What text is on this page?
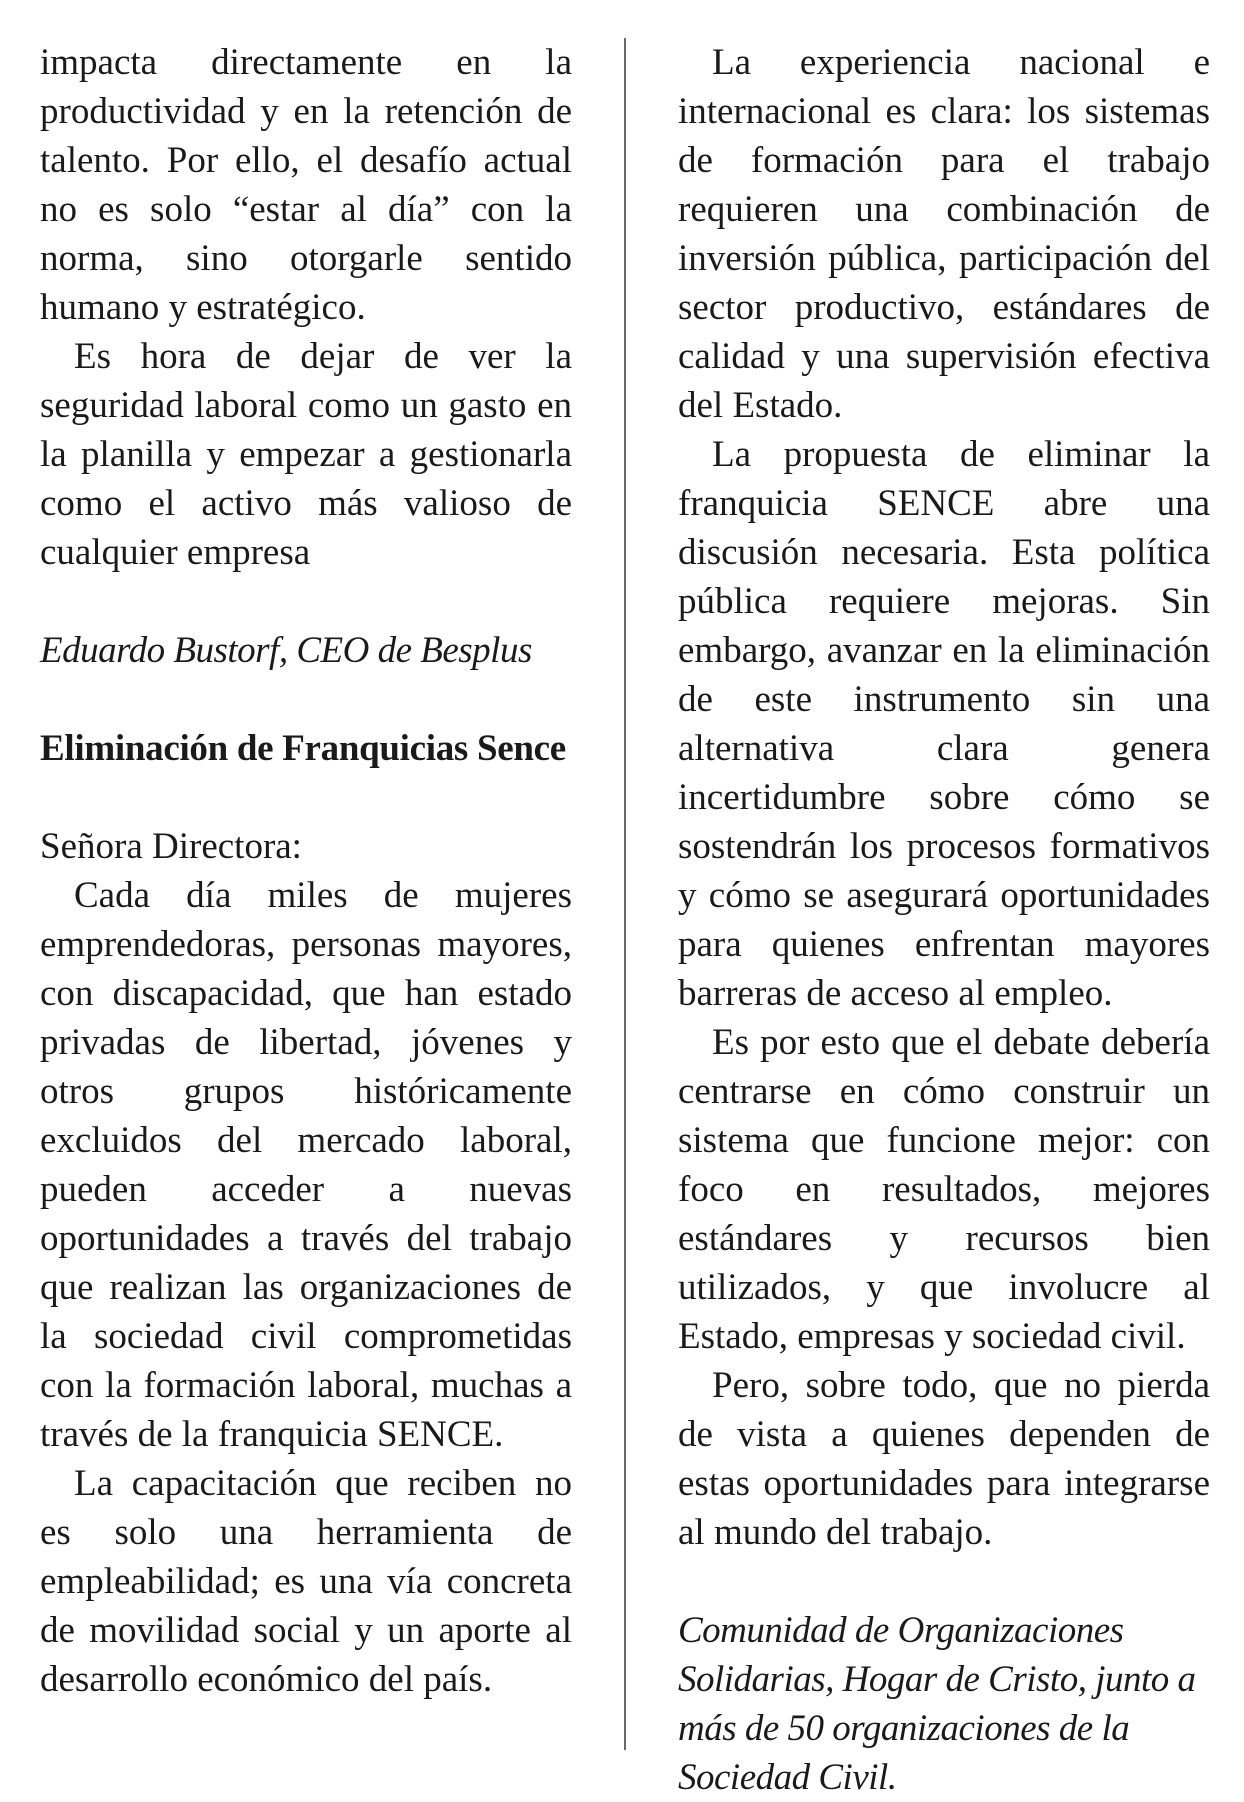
impacta directamente en la productividad y en la retención de talento. Por ello, el desafío actual no es solo “estar al día” con la norma, sino otorgarle sentido humano y estratégico.

Es hora de dejar de ver la seguridad laboral como un gasto en la planilla y empezar a gestionarla como el activo más valioso de cualquier empresa

Eduardo Bustorf, CEO de Besplus

Eliminación de Franquicias Sence

Señora Directora:

Cada día miles de mujeres emprendedoras, personas mayores, con discapacidad, que han estado privadas de libertad, jóvenes y otros grupos históricamente excluidos del mercado laboral, pueden acceder a nuevas oportunidades a través del trabajo que realizan las organizaciones de la sociedad civil comprometidas con la formación laboral, muchas a través de la franquicia SENCE.

La capacitación que reciben no es solo una herramienta de empleabilidad; es una vía concreta de movilidad social y un aporte al desarrollo económico del país.

La experiencia nacional e internacional es clara: los sistemas de formación para el trabajo requieren una combinación de inversión pública, participación del sector productivo, estándares de calidad y una supervisión efectiva del Estado.

La propuesta de eliminar la franquicia SENCE abre una discusión necesaria. Esta política pública requiere mejoras. Sin embargo, avanzar en la eliminación de este instrumento sin una alternativa clara genera incertidumbre sobre cómo se sostendrán los procesos formativos y cómo se asegurará oportunidades para quienes enfrentan mayores barreras de acceso al empleo.

Es por esto que el debate debería centrarse en cómo construir un sistema que funcione mejor: con foco en resultados, mejores estándares y recursos bien utilizados, y que involucre al Estado, empresas y sociedad civil.

Pero, sobre todo, que no pierda de vista a quienes dependen de estas oportunidades para integrarse al mundo del trabajo.

Comunidad de Organizaciones Solidarias, Hogar de Cristo, junto a más de 50 organizaciones de la Sociedad Civil.
